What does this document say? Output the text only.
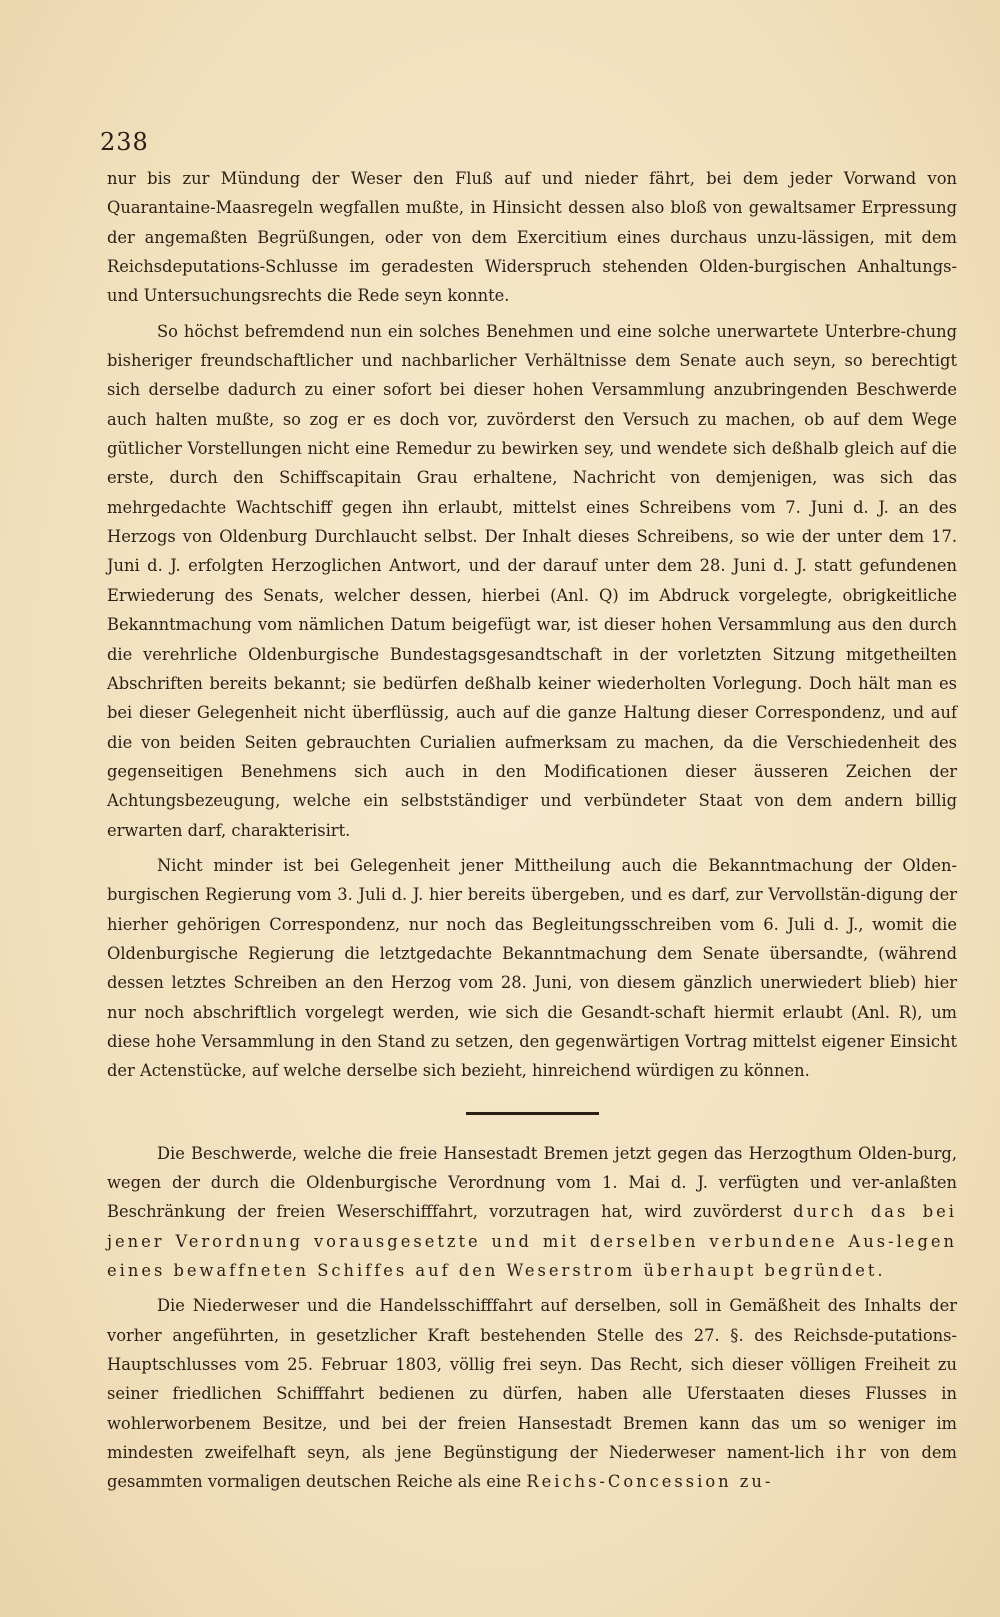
238

nur bis zur Mündung der Weser den Fluß auf und nieder fährt, bei dem jeder Vorwand von Quarantaine-Maasregeln wegfallen mußte, in Hinsicht dessen also bloß von gewaltsamer Erpressung der angemaßten Begrüßungen, oder von dem Exercitium eines durchaus unzu-lässigen, mit dem Reichsdeputations-Schlusse im geradesten Widerspruch stehenden Olden-burgischen Anhaltungs- und Untersuchungsrechts die Rede seyn konnte.

So höchst befremdend nun ein solches Benehmen und eine solche unerwartete Unterbre-chung bisheriger freundschaftlicher und nachbarlicher Verhältnisse dem Senate auch seyn, so berechtigt sich derselbe dadurch zu einer sofort bei dieser hohen Versammlung anzubringenden Beschwerde auch halten mußte, so zog er es doch vor, zuvörderst den Versuch zu machen, ob auf dem Wege gütlicher Vorstellungen nicht eine Remedur zu bewirken sey, und wendete sich deßhalb gleich auf die erste, durch den Schiffscapitain Grau erhaltene, Nachricht von demjenigen, was sich das mehrgedachte Wachtschiff gegen ihn erlaubt, mittelst eines Schreibens vom 7. Juni d. J. an des Herzogs von Oldenburg Durchlaucht selbst. Der Inhalt dieses Schreibens, so wie der unter dem 17. Juni d. J. erfolgten Herzoglichen Antwort, und der darauf unter dem 28. Juni d. J. statt gefundenen Erwiederung des Senats, welcher dessen, hierbei (Anl. Q) im Abdruck vorgelegte, obrigkeitliche Bekanntmachung vom nämlichen Datum beigefügt war, ist dieser hohen Versammlung aus den durch die verehrliche Oldenburgische Bundestagsgesandtschaft in der vorletzten Sitzung mitgetheilten Abschriften bereits bekannt; sie bedürfen deßhalb keiner wiederholten Vorlegung. Doch hält man es bei dieser Gelegenheit nicht überflüssig, auch auf die ganze Haltung dieser Correspondenz, und auf die von beiden Seiten gebrauchten Curialien aufmerksam zu machen, da die Verschiedenheit des gegenseitigen Benehmens sich auch in den Modificationen dieser äusseren Zeichen der Achtungsbezeugung, welche ein selbstständiger und verbündeter Staat von dem andern billig erwarten darf, charakterisirt.

Nicht minder ist bei Gelegenheit jener Mittheilung auch die Bekanntmachung der Olden-burgischen Regierung vom 3. Juli d. J. hier bereits übergeben, und es darf, zur Vervollstän-digung der hierher gehörigen Correspondenz, nur noch das Begleitungsschreiben vom 6. Juli d. J., womit die Oldenburgische Regierung die letztgedachte Bekanntmachung dem Senate übersandte, (während dessen letztes Schreiben an den Herzog vom 28. Juni, von diesem gänzlich unerwiedert blieb) hier nur noch abschriftlich vorgelegt werden, wie sich die Gesandt-schaft hiermit erlaubt (Anl. R), um diese hohe Versammlung in den Stand zu setzen, den gegenwärtigen Vortrag mittelst eigener Einsicht der Actenstücke, auf welche derselbe sich bezieht, hinreichend würdigen zu können.

Die Beschwerde, welche die freie Hansestadt Bremen jetzt gegen das Herzogthum Olden-burg, wegen der durch die Oldenburgische Verordnung vom 1. Mai d. J. verfügten und ver-anlaßten Beschränkung der freien Weserschifffahrt, vorzutragen hat, wird zuvörderst durch das bei jener Verordnung vorausgesetzte und mit derselben verbundene Aus-legen eines bewaffneten Schiffes auf den Weserstrom überhaupt begründet.

Die Niederweser und die Handelsschifffahrt auf derselben, soll in Gemäßheit des Inhalts der vorher angeführten, in gesetzlicher Kraft bestehenden Stelle des 27. §. des Reichsde-putations-Hauptschlusses vom 25. Februar 1803, völlig frei seyn. Das Recht, sich dieser völligen Freiheit zu seiner friedlichen Schifffahrt bedienen zu dürfen, haben alle Uferstaaten dieses Flusses in wohlerworbenem Besitze, und bei der freien Hansestadt Bremen kann das um so weniger im mindesten zweifelhaft seyn, als jene Begünstigung der Niederweser nament-lich ihr von dem gesammten vormaligen deutschen Reiche als eine Reichs-Concession zu-
